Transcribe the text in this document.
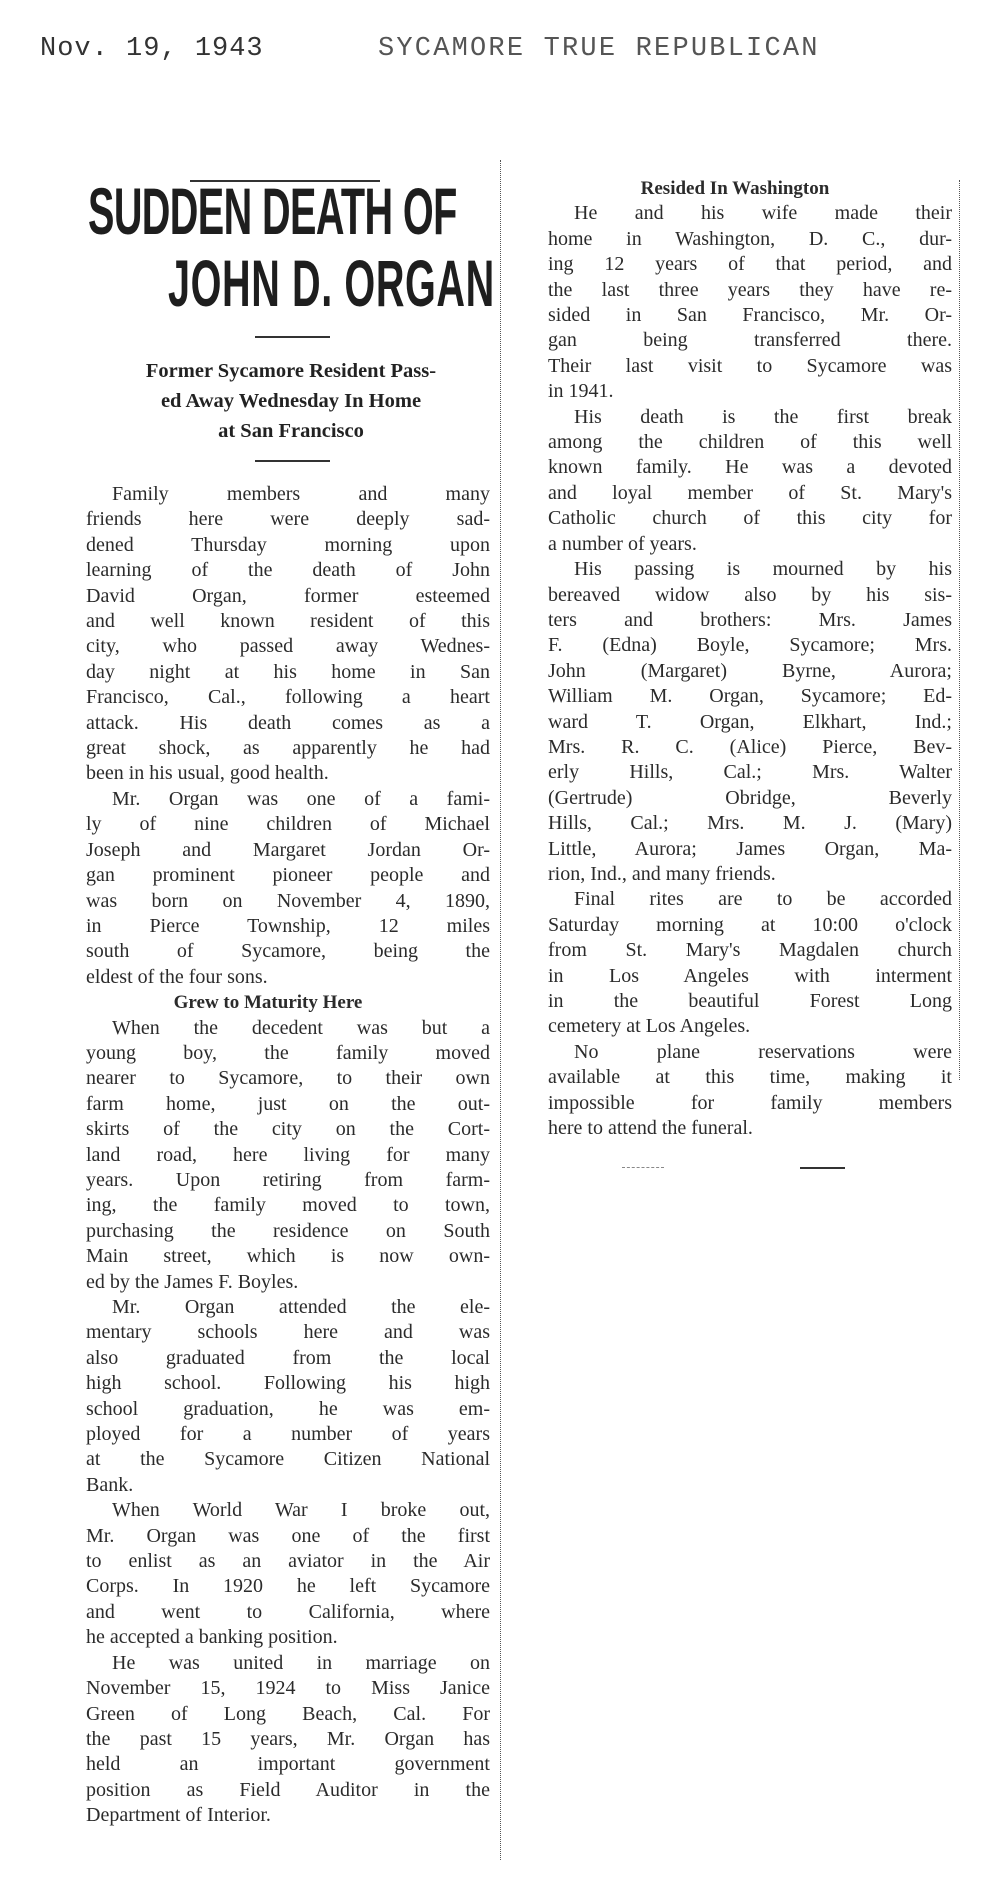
Nov. 19, 1943	SYCAMORE TRUE REPUBLICAN
SUDDEN DEATH OF
JOHN D. ORGAN
Former Sycamore Resident Pass-
ed Away Wednesday In Home
at San Francisco

Family members and many
friends here were deeply sad-
dened Thursday morning upon
learning of the death of John
David Organ, former esteemed
and well known resident of this
city, who passed away Wednes-
day night at his home in San
Francisco, Cal., following a heart
attack. His death comes as a
great shock, as apparently he had
been in his usual, good health.

Mr. Organ was one of a fami-
ly of nine children of Michael
Joseph and Margaret Jordan Or-
gan prominent pioneer people and
was born on November 4, 1890,
in Pierce Township, 12 miles
south of Sycamore, being the
eldest of the four sons.

Grew to Maturity Here

When the decedent was but a
young boy, the family moved
nearer to Sycamore, to their own
farm home, just on the out-
skirts of the city on the Cort-
land road, here living for many
years. Upon retiring from farm-
ing, the family moved to town,
purchasing the residence on South
Main street, which is now own-
ed by the James F. Boyles.

Mr. Organ attended the ele-
mentary schools here and was
also graduated from the local
high school. Following his high
school graduation, he was em-
ployed for a number of years
at the Sycamore Citizen National
Bank.

When World War I broke out,
Mr. Organ was one of the first
to enlist as an aviator in the Air
Corps. In 1920 he left Sycamore
and went to California, where
he accepted a banking position.

He was united in marriage on
November 15, 1924 to Miss Janice
Green of Long Beach, Cal. For
the past 15 years, Mr. Organ has
held an important government
position as Field Auditor in the
Department of Interior.

Resided In Washington

He and his wife made their
home in Washington, D. C., dur-
ing 12 years of that period, and
the last three years they have re-
sided in San Francisco, Mr. Or-
gan being transferred there.
Their last visit to Sycamore was
in 1941.

His death is the first break
among the children of this well
known family. He was a devoted
and loyal member of St. Mary's
Catholic church of this city for
a number of years.

His passing is mourned by his
bereaved widow also by his sis-
ters and brothers: Mrs. James
F. (Edna) Boyle, Sycamore; Mrs.
John (Margaret) Byrne, Aurora;
William M. Organ, Sycamore; Ed-
ward T. Organ, Elkhart, Ind.;
Mrs. R. C. (Alice) Pierce, Bev-
erly Hills, Cal.; Mrs. Walter
(Gertrude) Obridge, Beverly
Hills, Cal.; Mrs. M. J. (Mary)
Little, Aurora; James Organ, Ma-
rion, Ind., and many friends.

Final rites are to be accorded
Saturday morning at 10:00 o'clock
from St. Mary's Magdalen church
in Los Angeles with interment
in the beautiful Forest Long
cemetery at Los Angeles.

No plane reservations were
available at this time, making it
impossible for family members
here to attend the funeral.
